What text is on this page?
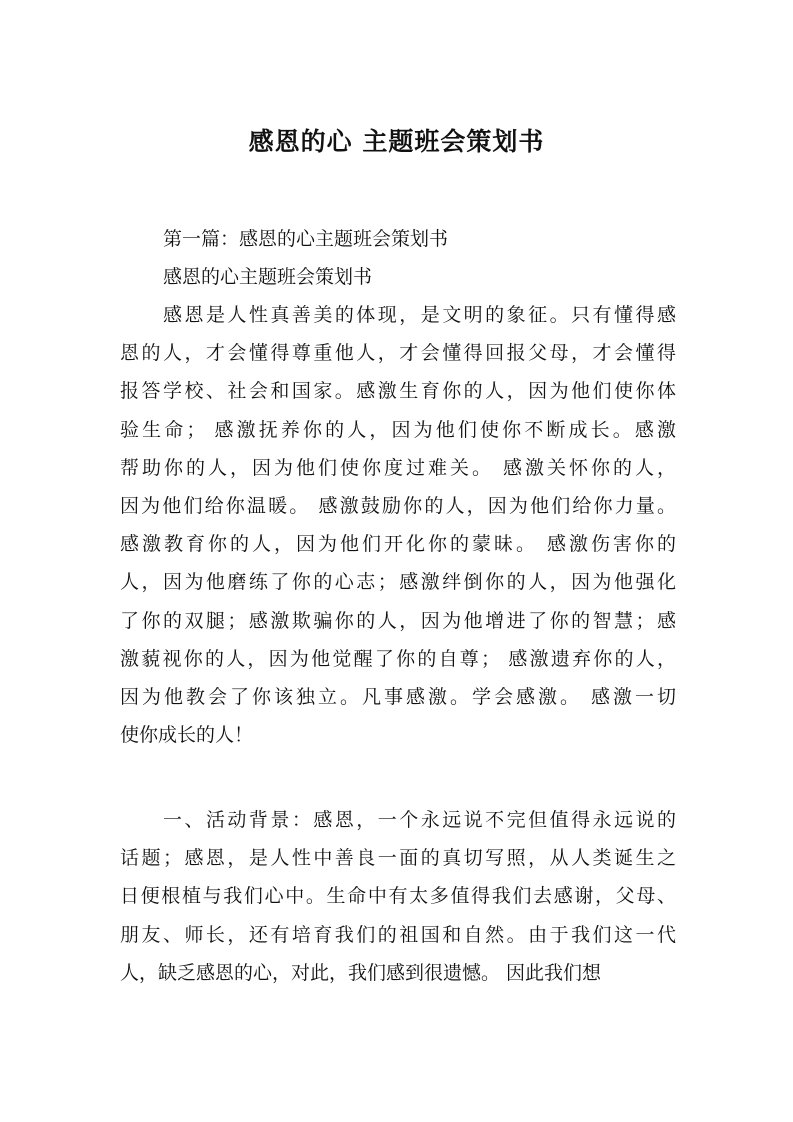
感恩的心 主题班会策划书
第一篇：感恩的心主题班会策划书
感恩的心主题班会策划书
感恩是人性真善美的体现，是文明的象征。只有懂得感
恩的人，才会懂得尊重他人，才会懂得回报父母，才会懂得
报答学校、社会和国家。感激生育你的人，因为他们使你体
验生命； 感激抚养你的人，因为他们使你不断成长。感激
帮助你的人，因为他们使你度过难关。 感激关怀你的人，
因为他们给你温暖。 感激鼓励你的人，因为他们给你力量。
感激教育你的人，因为他们开化你的蒙昧。 感激伤害你的
人，因为他磨练了你的心志；感激绊倒你的人，因为他强化
了你的双腿；感激欺骗你的人，因为他增进了你的智慧；感
激藐视你的人，因为他觉醒了你的自尊； 感激遗弃你的人，
因为他教会了你该独立。凡事感激。学会感激。 感激一切
使你成长的人！
一、活动背景：感恩，一个永远说不完但值得永远说的
话题；感恩，是人性中善良一面的真切写照，从人类诞生之
日便根植与我们心中。生命中有太多值得我们去感谢，父母、
朋友、师长，还有培育我们的祖国和自然。由于我们这一代
人，缺乏感恩的心，对此，我们感到很遗憾。 因此我们想
